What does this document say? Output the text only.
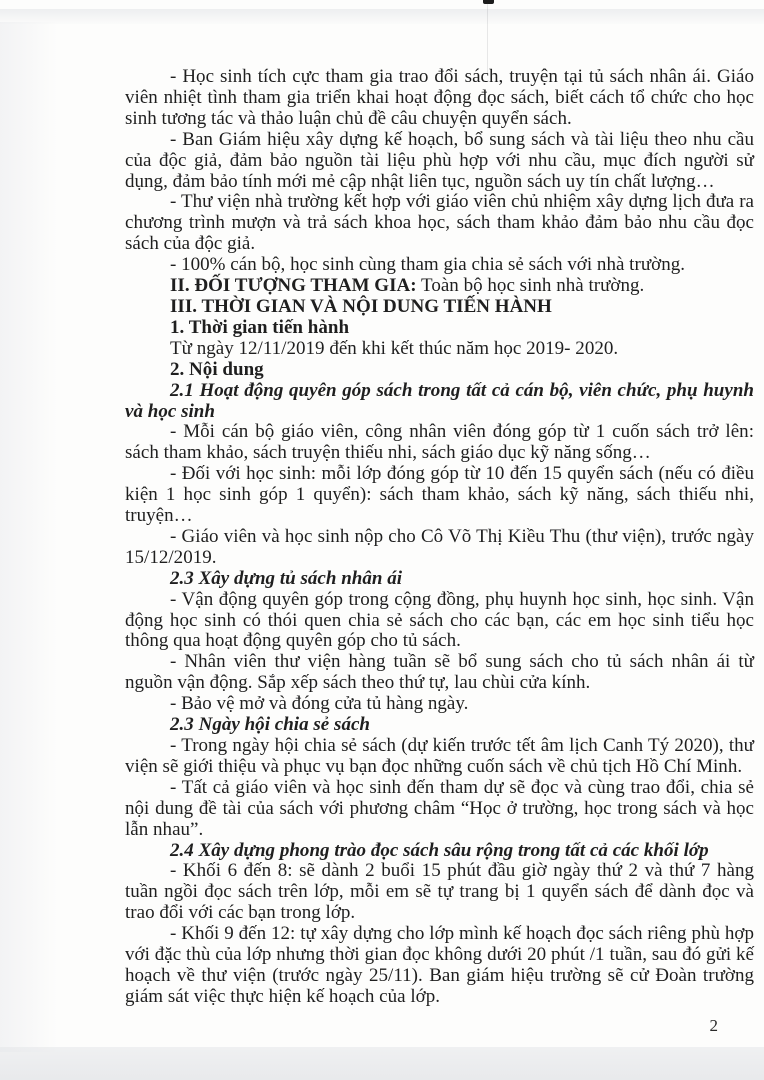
- Học sinh tích cực tham gia trao đổi sách, truyện tại tủ sách nhân ái. Giáo viên nhiệt tình tham gia triển khai hoạt động đọc sách, biết cách tổ chức cho học sinh tương tác và thảo luận chủ đề câu chuyện quyển sách.

- Ban Giám hiệu xây dựng kế hoạch, bổ sung sách và tài liệu theo nhu cầu của độc giả, đảm bảo nguồn tài liệu phù hợp với nhu cầu, mục đích người sử dụng, đảm bảo tính mới mẻ cập nhật liên tục, nguồn sách uy tín chất lượng…

- Thư viện nhà trường kết hợp với giáo viên chủ nhiệm xây dựng lịch đưa ra chương trình mượn và trả sách khoa học, sách tham khảo đảm bảo nhu cầu đọc sách của độc giả.

- 100% cán bộ, học sinh cùng tham gia chia sẻ sách với nhà trường.

II. ĐỐI TƯỢNG THAM GIA: Toàn bộ học sinh nhà trường.

III. THỜI GIAN VÀ NỘI DUNG TIẾN HÀNH

1. Thời gian tiến hành

Từ ngày 12/11/2019 đến khi kết thúc năm học 2019- 2020.

2. Nội dung

2.1 Hoạt động quyên góp sách trong tất cả cán bộ, viên chức, phụ huynh và học sinh

- Mỗi cán bộ giáo viên, công nhân viên đóng góp từ 1 cuốn sách trở lên: sách tham khảo, sách truyện thiếu nhi, sách giáo dục kỹ năng sống…

- Đối với học sinh: mỗi lớp đóng góp từ 10 đến 15 quyển sách (nếu có điều kiện 1 học sinh góp 1 quyển): sách tham khảo, sách kỹ năng, sách thiếu nhi, truyện…

- Giáo viên và học sinh nộp cho Cô Võ Thị Kiều Thu (thư viện), trước ngày 15/12/2019.

2.3 Xây dựng tủ sách nhân ái

- Vận động quyên góp trong cộng đồng, phụ huynh học sinh, học sinh. Vận động học sinh có thói quen chia sẻ sách cho các bạn, các em học sinh tiểu học thông qua hoạt động quyên góp cho tủ sách.

- Nhân viên thư viện hàng tuần sẽ bổ sung sách cho tủ sách nhân ái từ nguồn vận động. Sắp xếp sách theo thứ tự, lau chùi cửa kính.

- Bảo vệ mở và đóng cửa tủ hàng ngày.

2.3 Ngày hội chia sẻ sách

- Trong ngày hội chia sẻ sách (dự kiến trước tết âm lịch Canh Tý 2020), thư viện sẽ giới thiệu và phục vụ bạn đọc những cuốn sách về chủ tịch Hồ Chí Minh.

- Tất cả giáo viên và học sinh đến tham dự sẽ đọc và cùng trao đổi, chia sẻ nội dung đề tài của sách với phương châm “Học ở trường, học trong sách và học lẫn nhau”.

2.4 Xây dựng phong trào đọc sách sâu rộng trong tất cả các khối lớp

- Khối 6 đến 8: sẽ dành 2 buổi 15 phút đầu giờ ngày thứ 2 và thứ 7 hàng tuần ngồi đọc sách trên lớp, mỗi em sẽ tự trang bị 1 quyển sách để dành đọc và trao đổi với các bạn trong lớp.

- Khối 9 đến 12: tự xây dựng cho lớp mình kế hoạch đọc sách riêng phù hợp với đặc thù của lớp nhưng thời gian đọc không dưới 20 phút /1 tuần, sau đó gửi kế hoạch về thư viện (trước ngày 25/11). Ban giám hiệu trường sẽ cử Đoàn trường giám sát việc thực hiện kế hoạch của lớp.

2
